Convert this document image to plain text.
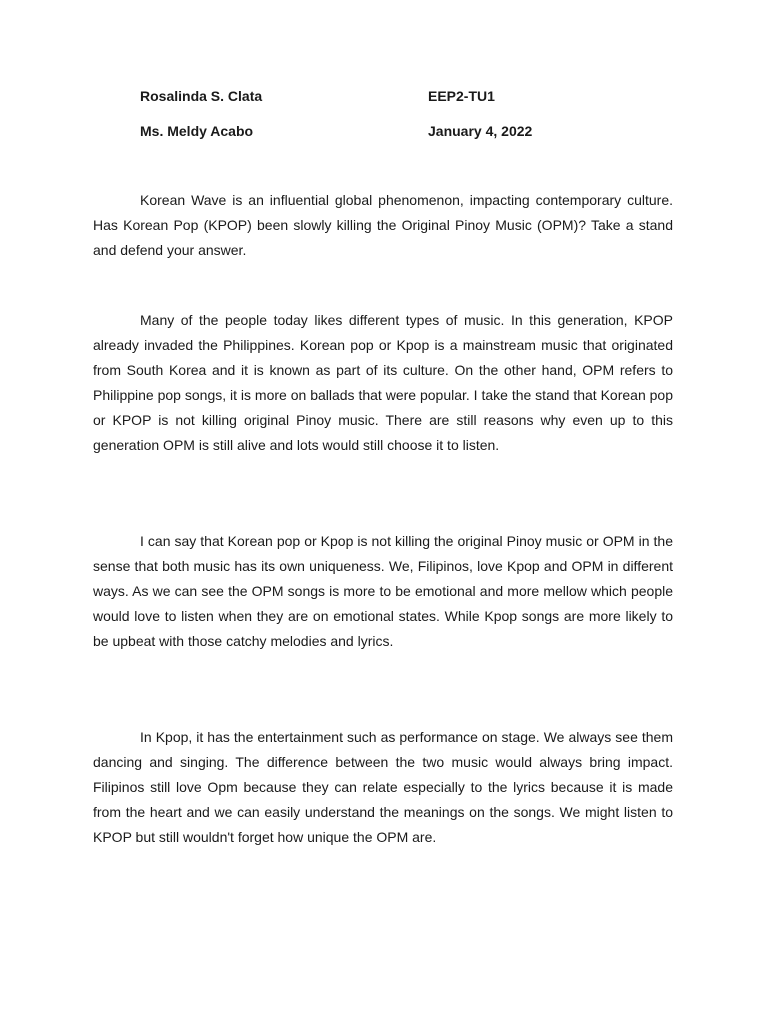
Rosalinda S. Clata	EEP2-TU1
Ms. Meldy Acabo	January 4, 2022

Korean Wave is an influential global phenomenon, impacting contemporary culture. Has Korean Pop (KPOP) been slowly killing the Original Pinoy Music (OPM)? Take a stand and defend your answer.

Many of the people today likes different types of music. In this generation, KPOP already invaded the Philippines. Korean pop or Kpop is a mainstream music that originated from South Korea and it is known as part of its culture. On the other hand, OPM refers to Philippine pop songs, it is more on ballads that were popular. I take the stand that Korean pop or KPOP is not killing original Pinoy music. There are still reasons why even up to this generation OPM is still alive and lots would still choose it to listen.

I can say that Korean pop or Kpop is not killing the original Pinoy music or OPM in the sense that both music has its own uniqueness. We, Filipinos, love Kpop and OPM in different ways. As we can see the OPM songs is more to be emotional and more mellow which people would love to listen when they are on emotional states. While Kpop songs are more likely to be upbeat with those catchy melodies and lyrics.

In Kpop, it has the entertainment such as performance on stage. We always see them dancing and singing. The difference between the two music would always bring impact. Filipinos still love Opm because they can relate especially to the lyrics because it is made from the heart and we can easily understand the meanings on the songs. We might listen to KPOP but still wouldn't forget how unique the OPM are.
